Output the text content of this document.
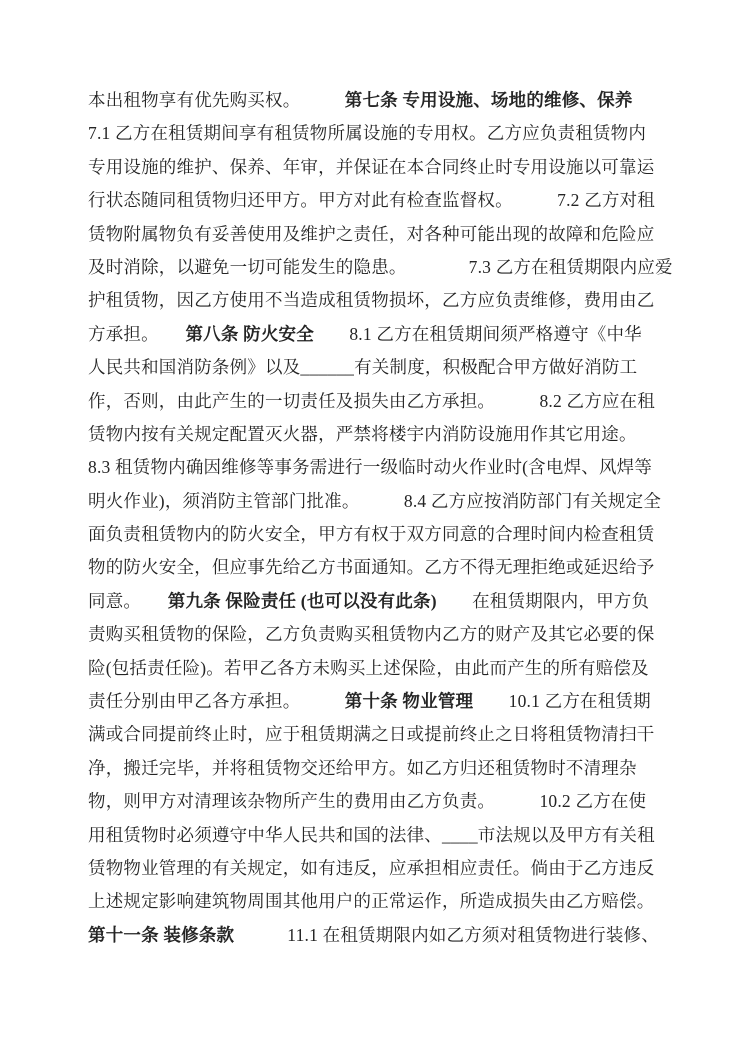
本出租物享有优先购买权。　　　第七条 专用设施、场地的维修、保养
7.1 乙方在租赁期间享有租赁物所属设施的专用权。乙方应负责租赁物内
专用设施的维护、保养、年审，并保证在本合同终止时专用设施以可靠运
行状态随同租赁物归还甲方。甲方对此有检查监督权。　　　7.2 乙方对租
赁物附属物负有妥善使用及维护之责任，对各种可能出现的故障和危险应
及时消除，以避免一切可能发生的隐患。　　　　7.3 乙方在租赁期限内应爱
护租赁物，因乙方使用不当造成租赁物损坏，乙方应负责维修，费用由乙
方承担。　　第八条 防火安全　　8.1 乙方在租赁期间须严格遵守《中华
人民共和国消防条例》以及______有关制度，积极配合甲方做好消防工
作，否则，由此产生的一切责任及损失由乙方承担。　　　8.2 乙方应在租
赁物内按有关规定配置灭火器，严禁将楼宇内消防设施用作其它用途。
8.3 租赁物内确因维修等事务需进行一级临时动火作业时(含电焊、风焊等
明火作业)，须消防主管部门批准。　　　8.4 乙方应按消防部门有关规定全
面负责租赁物内的防火安全，甲方有权于双方同意的合理时间内检查租赁
物的防火安全，但应事先给乙方书面通知。乙方不得无理拒绝或延迟给予
同意。　　第九条 保险责任 (也可以没有此条)　　在租赁期限内，甲方负
责购买租赁物的保险，乙方负责购买租赁物内乙方的财产及其它必要的保
险(包括责任险)。若甲乙各方未购买上述保险，由此而产生的所有赔偿及
责任分别由甲乙各方承担。　　　第十条 物业管理　　10.1 乙方在租赁期
满或合同提前终止时，应于租赁期满之日或提前终止之日将租赁物清扫干
净，搬迁完毕，并将租赁物交还给甲方。如乙方归还租赁物时不清理杂
物，则甲方对清理该杂物所产生的费用由乙方负责。　　　10.2 乙方在使
用租赁物时必须遵守中华人民共和国的法律、____市法规以及甲方有关租
赁物物业管理的有关规定，如有违反，应承担相应责任。倘由于乙方违反
上述规定影响建筑物周围其他用户的正常运作，所造成损失由乙方赔偿。
第十一条 装修条款　　　11.1 在租赁期限内如乙方须对租赁物进行装修、
